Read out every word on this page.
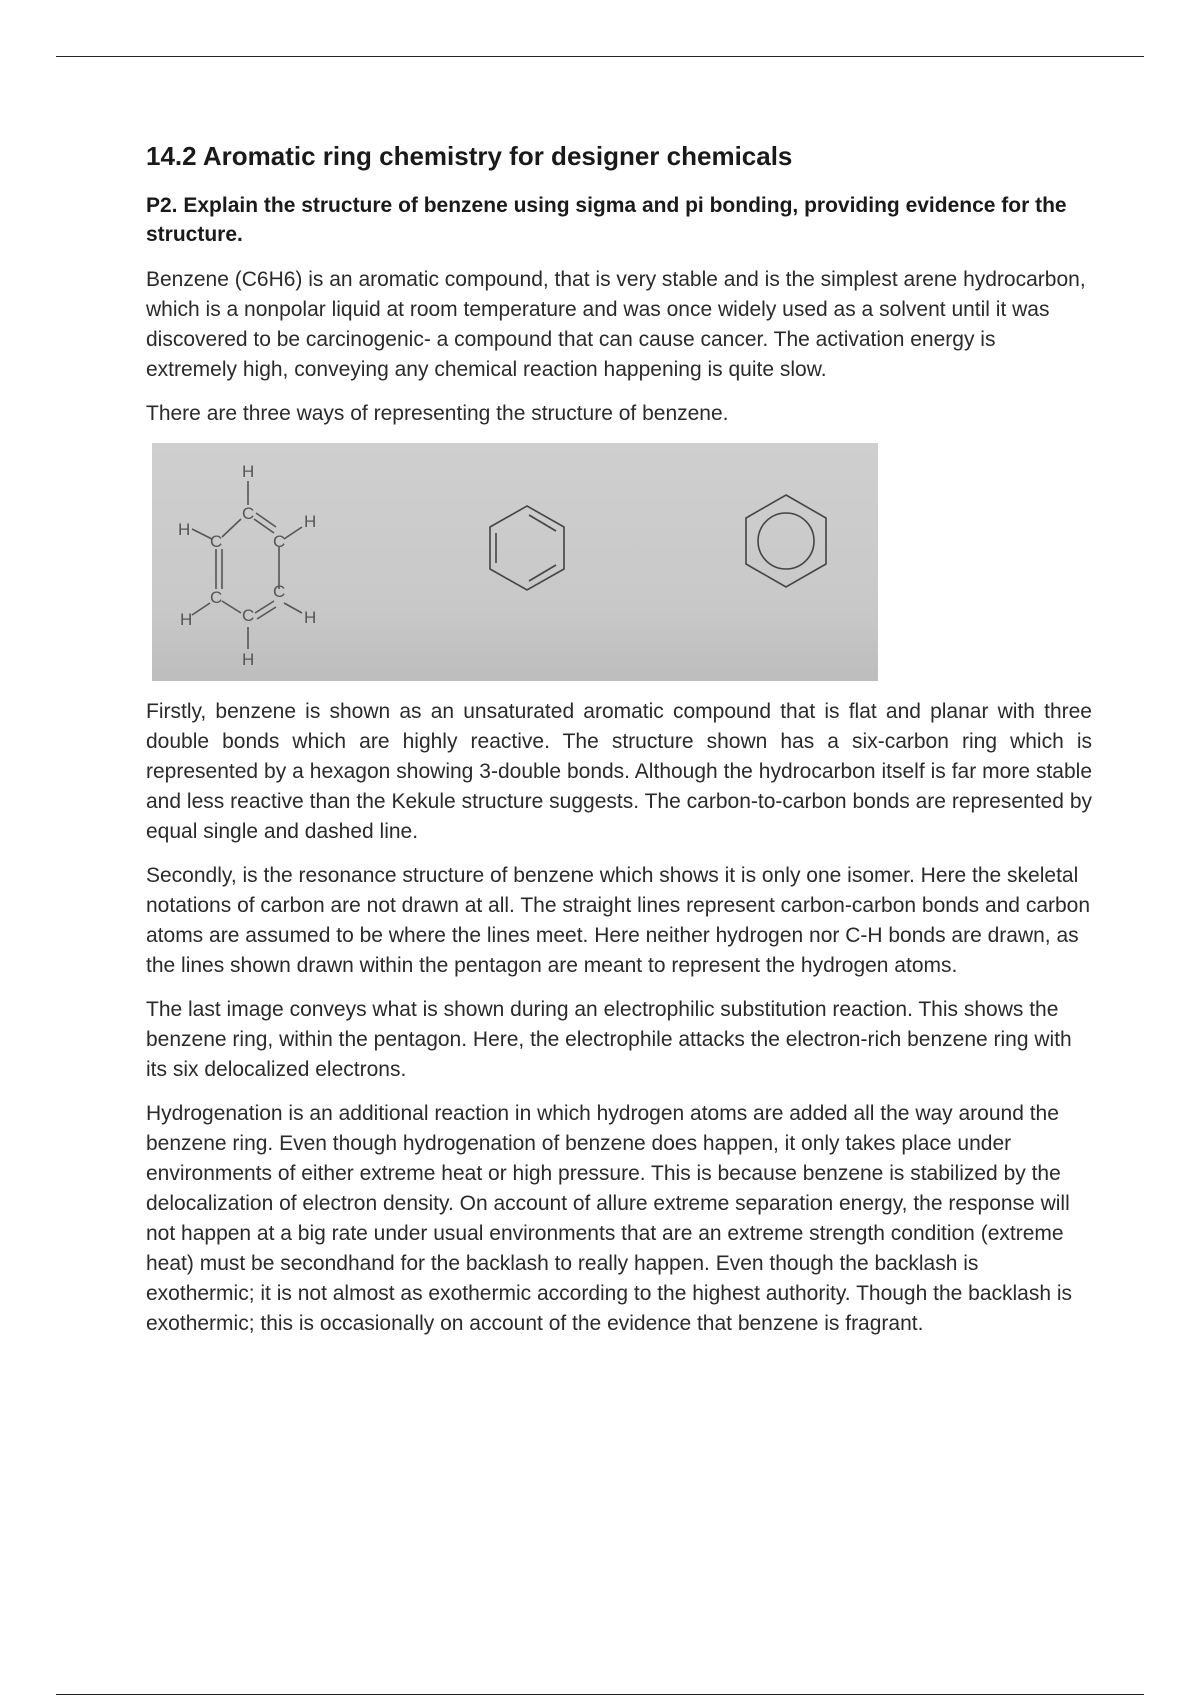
14.2 Aromatic ring chemistry for designer chemicals
P2. Explain the structure of benzene using sigma and pi bonding, providing evidence for the structure.

Benzene (C6H6) is an aromatic compound, that is very stable and is the simplest arene hydrocarbon, which is a nonpolar liquid at room temperature and was once widely used as a solvent until it was discovered to be carcinogenic- a compound that can cause cancer. The activation energy is extremely high, conveying any chemical reaction happening is quite slow.

There are three ways of representing the structure of benzene.

H
C
H
C	C
H
C	C
H	H
C
H

Firstly, benzene is shown as an unsaturated aromatic compound that is flat and planar with three double bonds which are highly reactive. The structure shown has a six-carbon ring which is represented by a hexagon showing 3-double bonds. Although the hydrocarbon itself is far more stable and less reactive than the Kekule structure suggests. The carbon-to-carbon bonds are represented by equal single and dashed line.

Secondly, is the resonance structure of benzene which shows it is only one isomer. Here the skeletal notations of carbon are not drawn at all. The straight lines represent carbon-carbon bonds and carbon atoms are assumed to be where the lines meet. Here neither hydrogen nor C-H bonds are drawn, as the lines shown drawn within the pentagon are meant to represent the hydrogen atoms.

The last image conveys what is shown during an electrophilic substitution reaction. This shows the benzene ring, within the pentagon. Here, the electrophile attacks the electron-rich benzene ring with its six delocalized electrons.

Hydrogenation is an additional reaction in which hydrogen atoms are added all the way around the benzene ring. Even though hydrogenation of benzene does happen, it only takes place under environments of either extreme heat or high pressure. This is because benzene is stabilized by the delocalization of electron density. On account of allure extreme separation energy, the response will not happen at a big rate under usual environments that are an extreme strength condition (extreme heat) must be secondhand for the backlash to really happen. Even though the backlash is exothermic; it is not almost as exothermic according to the highest authority. Though the backlash is exothermic; this is occasionally on account of the evidence that benzene is fragrant.
